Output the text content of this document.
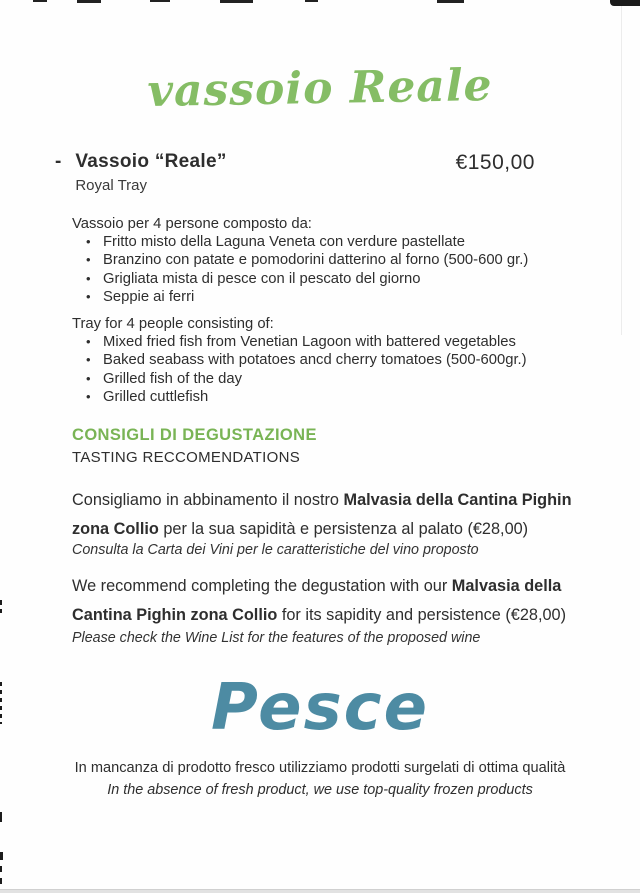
vassoio Reale
- Vassoio “Reale”
Royal Tray
€150,00
Vassoio per 4 persone composto da:
• Fritto misto della Laguna Veneta con verdure pastellate
• Branzino con patate e pomodorini datterino al forno (500-600 gr.)
• Grigliata mista di pesce con il pescato del giorno
• Seppie ai ferri
Tray for 4 people consisting of:
• Mixed fried fish from Venetian Lagoon with battered vegetables
• Baked seabass with potatoes ancd cherry tomatoes (500-600gr.)
• Grilled fish of the day
• Grilled cuttlefish
CONSIGLI DI DEGUSTAZIONE
TASTING RECCOMENDATIONS
Consigliamo in abbinamento il nostro Malvasia della Cantina Pighin zona Collio per la sua sapidità e persistenza al palato (€28,00)
Consulta la Carta dei Vini per le caratteristiche del vino proposto
We recommend completing the degustation with our Malvasia della Cantina Pighin zona Collio for its sapidity and persistence (€28,00)
Please check the Wine List for the features of the proposed wine
Pesce
In mancanza di prodotto fresco utilizziamo prodotti surgelati di ottima qualità
In the absence of fresh product, we use top-quality frozen products
